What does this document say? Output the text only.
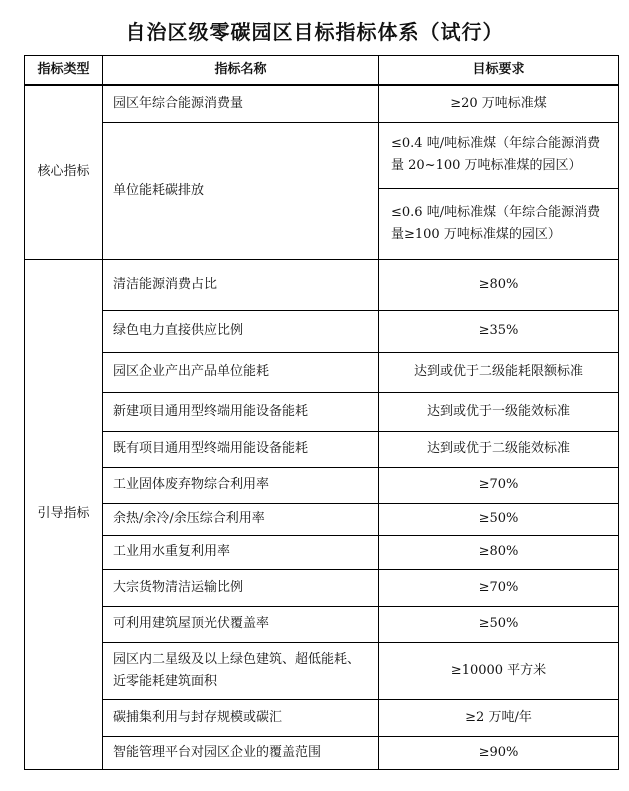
自治区级零碳园区目标指标体系（试行）
指标类型	指标名称	目标要求
核心指标	园区年综合能源消费量	≥20 万吨标准煤
	单位能耗碳排放	≤0.4 吨/吨标准煤（年综合能源消费量 20~100 万吨标准煤的园区）
		≤0.6 吨/吨标准煤（年综合能源消费量≥100 万吨标准煤的园区）
引导指标	清洁能源消费占比	≥80%
	绿色电力直接供应比例	≥35%
	园区企业产出产品单位能耗	达到或优于二级能耗限额标准
	新建项目通用型终端用能设备能耗	达到或优于一级能效标准
	既有项目通用型终端用能设备能耗	达到或优于二级能效标准
	工业固体废弃物综合利用率	≥70%
	余热/余冷/余压综合利用率	≥50%
	工业用水重复利用率	≥80%
	大宗货物清洁运输比例	≥70%
	可利用建筑屋顶光伏覆盖率	≥50%
	园区内二星级及以上绿色建筑、超低能耗、近零能耗建筑面积	≥10000 平方米
	碳捕集利用与封存规模或碳汇	≥2 万吨/年
	智能管理平台对园区企业的覆盖范围	≥90%
